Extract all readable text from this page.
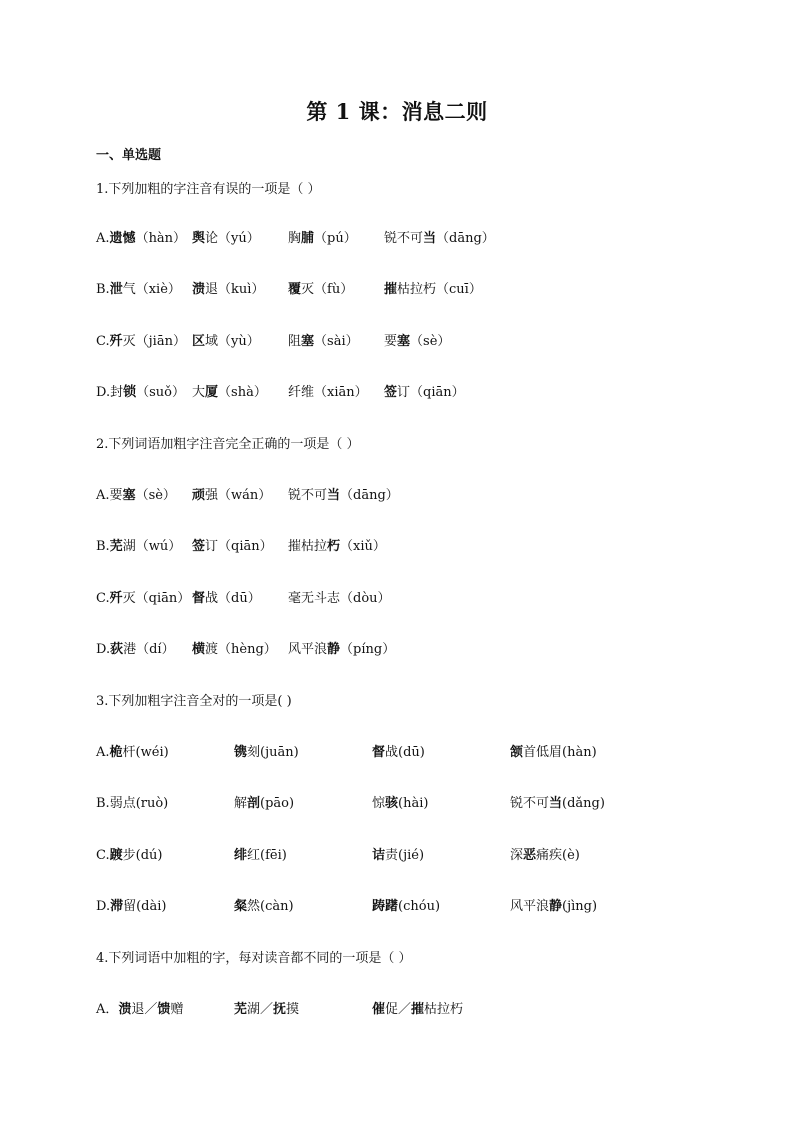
第 1 课：消息二则
一、单选题
1.下列加粗的字注音有误的一项是（ ）
A.遗憾（hàn） 舆论（yú） 胸脯（pú） 锐不可当（dāng）
B.泄气（xiè） 溃退（kuì） 覆灭（fù） 摧枯拉朽（cuī）
C.歼灭（jiān） 区域（yù） 阻塞（sài） 要塞（sè）
D.封锁（suǒ） 大厦（shà） 纤维（xiān） 签订（qiān）
2.下列词语加粗字注音完全正确的一项是（ ）
A.要塞（sè） 顽强（wán） 锐不可当（dāng）
B.芜湖（wú） 签订（qiān） 摧枯拉朽（xiǔ）
C.歼灭（qiān） 督战（dū） 毫无斗志（dòu）
D.荻港（dí） 横渡（hèng） 风平浪静（píng）
3.下列加粗字注音全对的一项是( )
A.桅杆(wéi)	镌刻(juān)	督战(dū)	颔首低眉(hàn)
B.弱点(ruò)	解剖(pāo)	惊骇(hài)	锐不可当(dǎng)
C.踱步(dú)	绯红(fēi)	诘责(jié)	深恶痛疾(è)
D.滞留(dài)	粲然(càn)	踌躇(chóu)	风平浪静(jìng)
4.下列词语中加粗的字，每对读音都不同的一项是（ ）
A．溃退／馈赠	芜湖／抚摸	催促／摧枯拉朽
